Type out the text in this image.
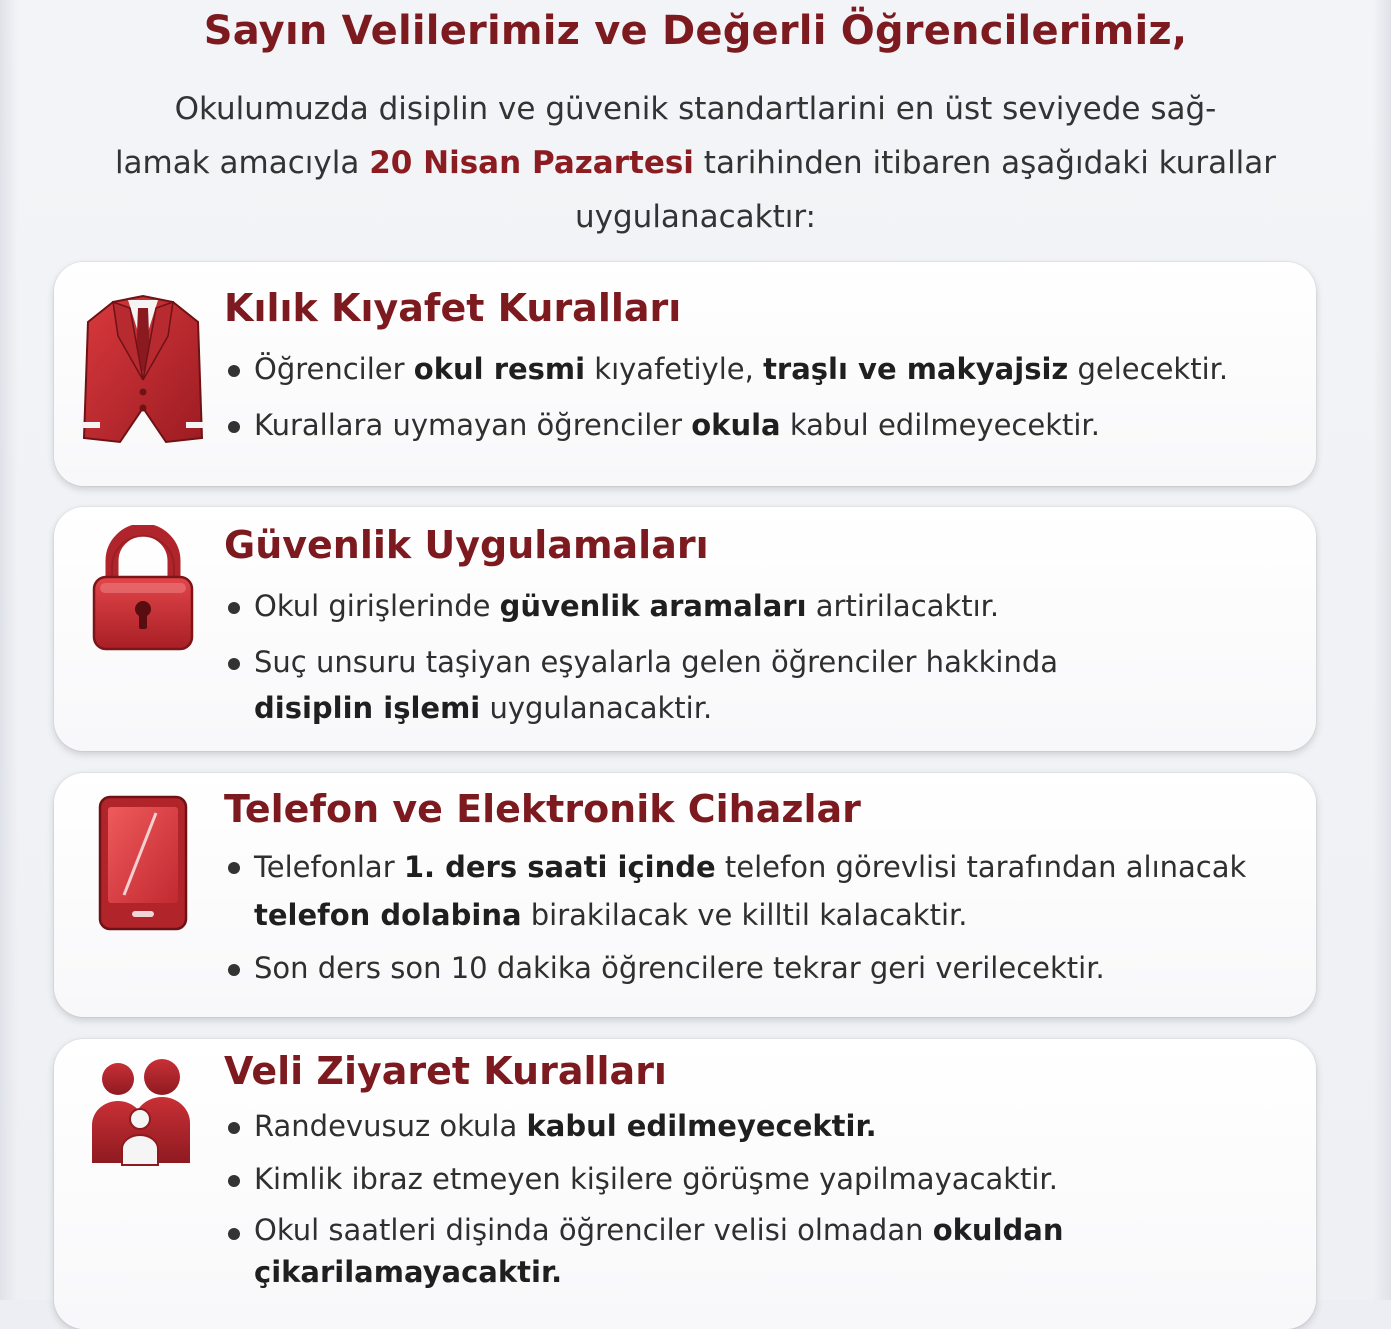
Sayın Velilerimiz ve Değerli Öğrencilerimiz,
Okulumuzda disiplin ve güvenik standartlarini en üst seviyede sağ-
lamak amacıyla 20 Nisan Pazartesi tarihinden itibaren aşağıdaki kurallar
uygulanacaktır:
Kılık Kıyafet Kuralları
Öğrenciler okul resmi kıyafetiyle, traşlı ve makyajsiz gelecektir.
Kurallara uymayan öğrenciler okula kabul edilmeyecektir.
Güvenlik Uygulamaları
Okul girişlerinde güvenlik aramaları artirilacaktır.
Suç unsuru taşiyan eşyalarla gelen öğrenciler hakkinda
disiplin işlemi uygulanacaktir.
Telefon ve Elektronik Cihazlar
Telefonlar 1. ders saati içinde telefon görevlisi tarafından alınacak
telefon dolabina birakilacak ve killtil kalacaktir.
Son ders son 10 dakika öğrencilere tekrar geri verilecektir.
Veli Ziyaret Kuralları
Randevusuz okula kabul edilmeyecektir.
Kimlik ibraz etmeyen kişilere görüşme yapilmayacaktir.
Okul saatleri dişinda öğrenciler velisi olmadan okuldan
çikarilamayacaktir.
